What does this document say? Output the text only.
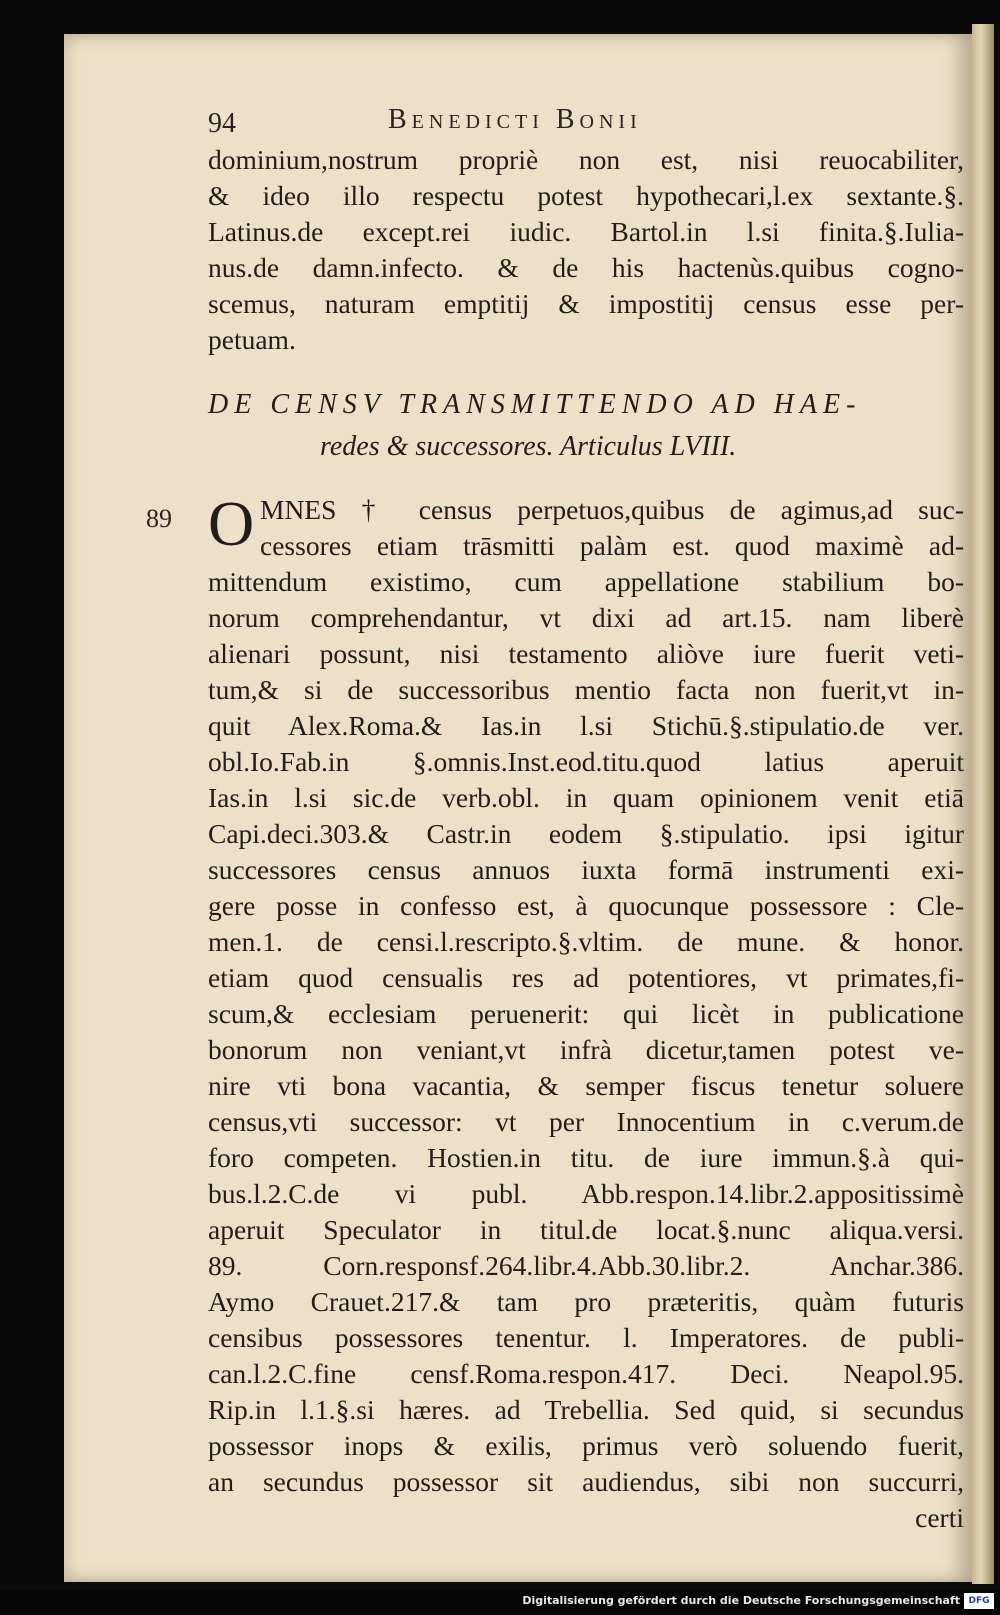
94	Benedicti Bonii
dominium,nostrum propriè non est, nisi reuocabiliter,
& ideo illo respectu potest hypothecari,l.ex sextante.§.
Latinus.de except.rei iudic. Bartol.in l.si finita.§.Iulia-
nus.de damn.infecto. & de his hactenùs.quibus cogno-
scemus, naturam emptitij & impostitij census esse per-
petuam.
DE CENSV TRANSMITTENDO AD HAE-
redes & successores. Articulus LVIII.
89 O MNES † census perpetuos,quibus de agimus,ad suc-
cessores etiam trāsmitti palàm est. quod maximè ad-
mittendum existimo, cum appellatione stabilium bo-
norum comprehendantur, vt dixi ad art.15. nam liberè
alienari possunt, nisi testamento aliòve iure fuerit veti-
tum,& si de successoribus mentio facta non fuerit,vt in-
quit Alex.Roma.& Ias.in l.si Stichū.§.stipulatio.de ver.
obl.Io.Fab.in §.omnis.Inst.eod.titu.quod latius aperuit
Ias.in l.si sic.de verb.obl. in quam opinionem venit etiā
Capi.deci.303.& Castr.in eodem §.stipulatio. ipsi igitur
successores census annuos iuxta formā instrumenti exi-
gere posse in confesso est, à quocunque possessore : Cle-
men.1. de censi.l.rescripto.§.vltim. de mune. & honor.
etiam quod censualis res ad potentiores, vt primates,fi-
scum,& ecclesiam peruenerit: qui licèt in publicatione
bonorum non veniant,vt infrà dicetur,tamen potest ve-
nire vti bona vacantia, & semper fiscus tenetur soluere
census,vti successor: vt per Innocentium in c.verum.de
foro competen. Hostien.in titu. de iure immun.§.à qui-
bus.l.2.C.de vi publ. Abb.respon.14.libr.2.appositissimè
aperuit Speculator in titul.de locat.§.nunc aliqua.versi.
89. Corn.responsf.264.libr.4.Abb.30.libr.2. Anchar.386.
Aymo Crauet.217.& tam pro præteritis, quàm futuris
censibus possessores tenentur. l. Imperatores. de publi-
can.l.2.C.fine censf.Roma.respon.417. Deci. Neapol.95.
Rip.in l.1.§.si hæres. ad Trebellia. Sed quid, si secundus
possessor inops & exilis, primus verò soluendo fuerit,
an secundus possessor sit audiendus, sibi non succurri,
certi
Digitalisierung gefördert durch die Deutsche Forschungsgemeinschaft DFG
